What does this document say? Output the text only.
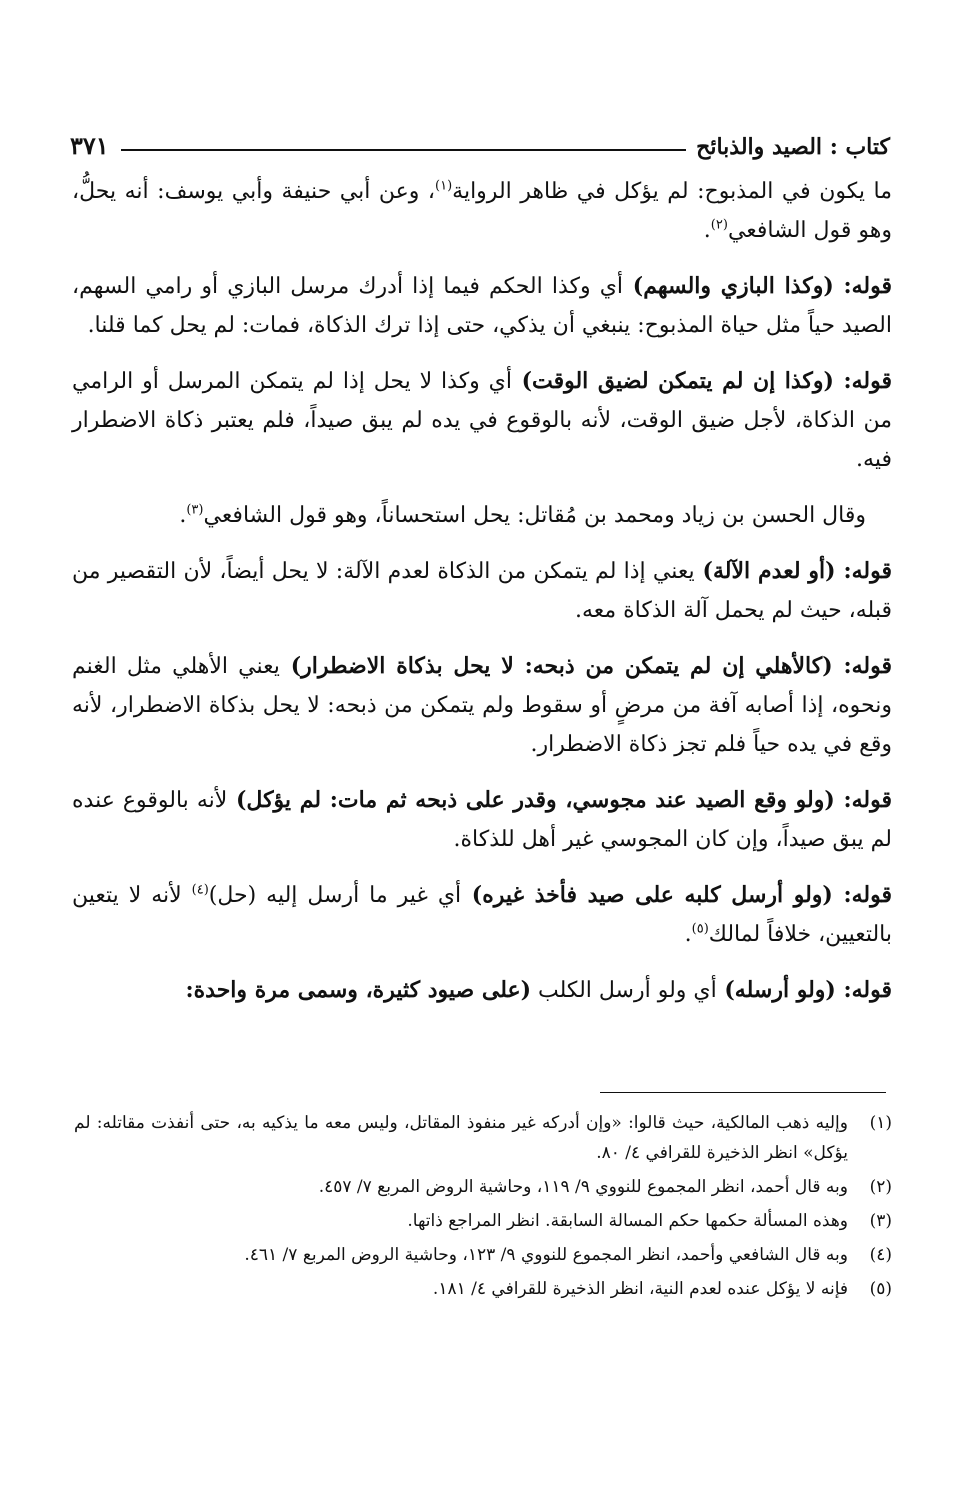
كتاب : الصيد والذبائح
٣٧١

ما يكون في المذبوح: لم يؤكل في ظاهر الرواية$^{(١)}$، وعن أبي حنيفة وأبي يوسف: أنه يحلُّ، وهو قول الشافعي$^{(٢)}$.

قوله: (وكذا البازي والسهم) أي وكذا الحكم فيما إذا أدرك مرسل البازي أو رامي السهم، الصيد حياً مثل حياة المذبوح: ينبغي أن يذكي، حتى إذا ترك الذكاة، فمات: لم يحل كما قلنا.

قوله: (وكذا إن لم يتمكن لضيق الوقت) أي وكذا لا يحل إذا لم يتمكن المرسل أو الرامي من الذكاة، لأجل ضيق الوقت، لأنه بالوقوع في يده لم يبق صيداً، فلم يعتبر ذكاة الاضطرار فيه.

وقال الحسن بن زياد ومحمد بن مُقاتل: يحل استحساناً، وهو قول الشافعي$^{(٣)}$.

قوله: (أو لعدم الآلة) يعني إذا لم يتمكن من الذكاة لعدم الآلة: لا يحل أيضاً، لأن التقصير من قبله، حيث لم يحمل آلة الذكاة معه.

قوله: (كالأهلي إن لم يتمكن من ذبحه: لا يحل بذكاة الاضطرار) يعني الأهلي مثل الغنم ونحوه، إذا أصابه آفة من مرضٍ أو سقوط ولم يتمكن من ذبحه: لا يحل بذكاة الاضطرار، لأنه وقع في يده حياً فلم تجز ذكاة الاضطرار.

قوله: (ولو وقع الصيد عند مجوسي، وقدر على ذبحه ثم مات: لم يؤكل) لأنه بالوقوع عنده لم يبق صيداً، وإن كان المجوسي غير أهل للذكاة.

قوله: (ولو أرسل كلبه على صيد فأخذ غيره) أي غير ما أرسل إليه (حل)$^{(٤)}$ لأنه لا يتعين بالتعيين، خلافاً لمالك$^{(٥)}$.

قوله: (ولو أرسله) أي ولو أرسل الكلب (على صيود كثيرة، وسمى مرة واحدة:

(١)
وإليه ذهب المالكية، حيث قالوا: «وإن أدركه غير منفوذ المقاتل، وليس معه ما يذكيه به، حتى أنفذت مقاتله: لم يؤكل» انظر الذخيرة للقرافي ٤/ ٨٠.
(٢)
وبه قال أحمد، انظر المجموع للنووي ٩/ ١١٩، وحاشية الروض المربع ٧/ ٤٥٧.
(٣)
وهذه المسألة حكمها حكم المسالة السابقة. انظر المراجع ذاتها.
(٤)
وبه قال الشافعي وأحمد، انظر المجموع للنووي ٩/ ١٢٣، وحاشية الروض المربع ٧/ ٤٦١.
(٥)
فإنه لا يؤكل عنده لعدم النية، انظر الذخيرة للقرافي ٤/ ١٨١.
